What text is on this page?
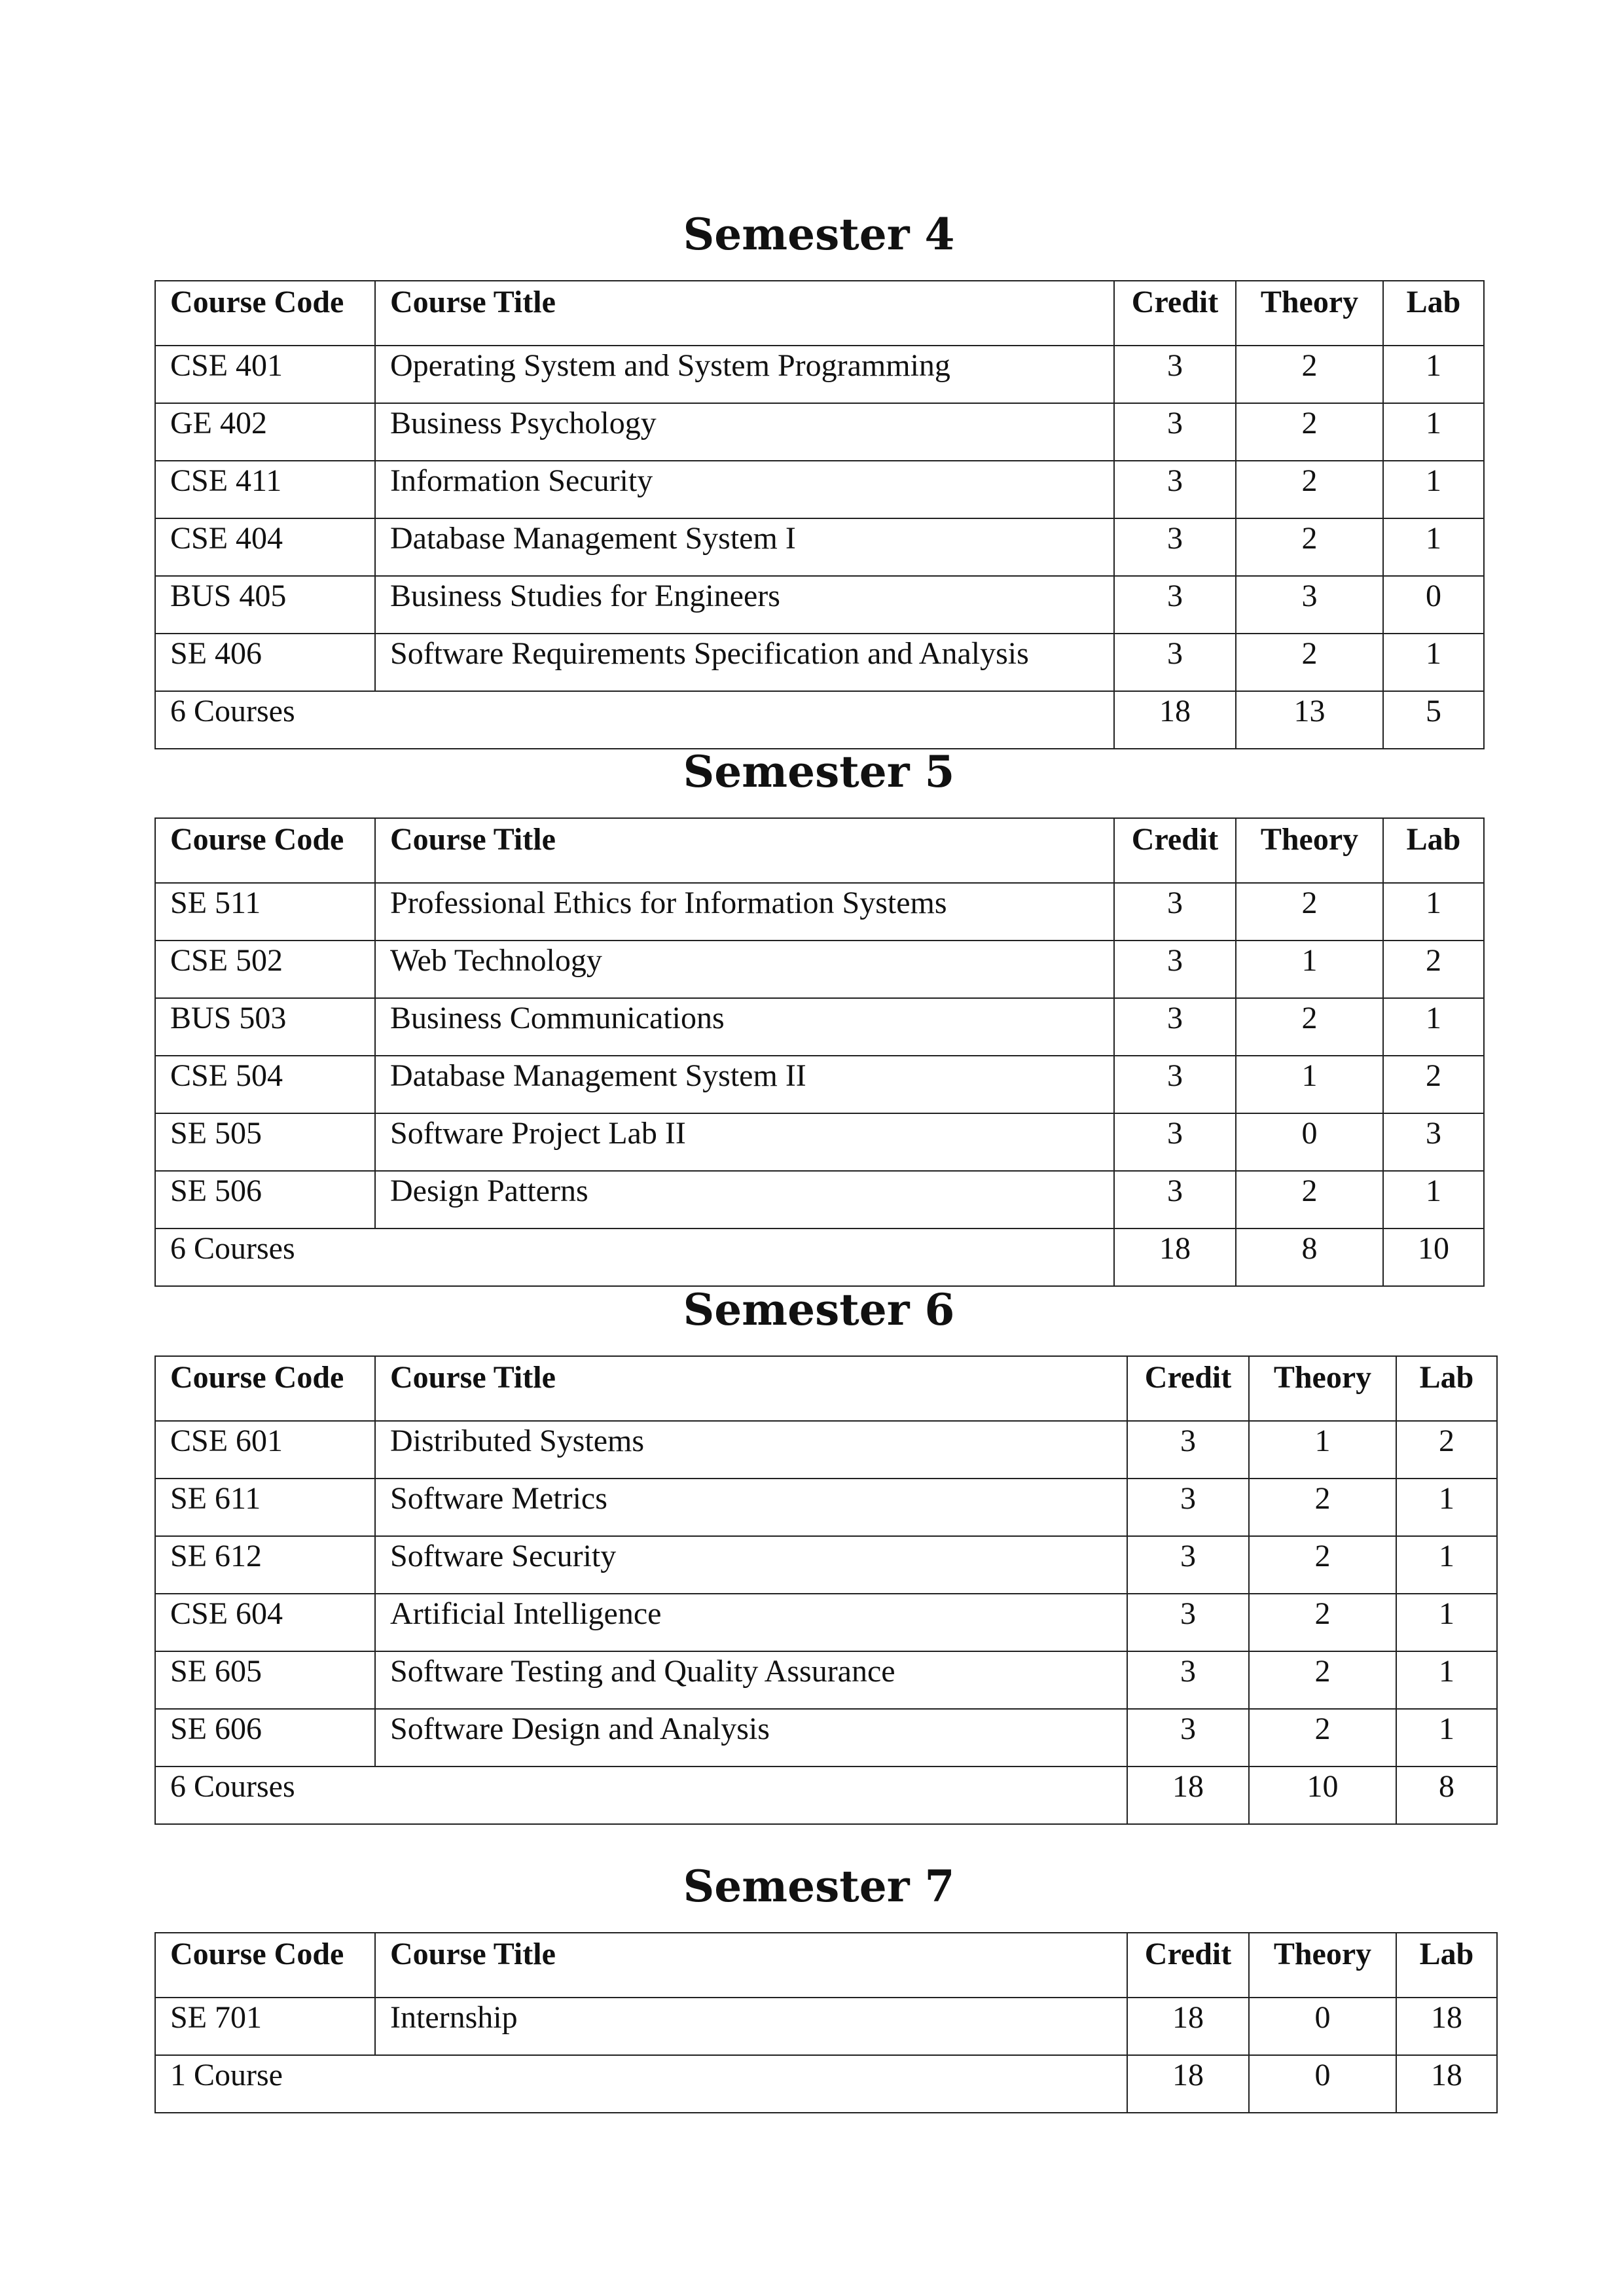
Semester 4
Course Code	Course Title	Credit	Theory	Lab
CSE 401	Operating System and System Programming	3	2	1
GE 402	Business Psychology	3	2	1
CSE 411	Information Security	3	2	1
CSE 404	Database Management System I	3	2	1
BUS 405	Business Studies for Engineers	3	3	0
SE 406	Software Requirements Specification and Analysis	3	2	1
6 Courses		18	13	5
Semester 5
Course Code	Course Title	Credit	Theory	Lab
SE 511	Professional Ethics for Information Systems	3	2	1
CSE 502	Web Technology	3	1	2
BUS 503	Business Communications	3	2	1
CSE 504	Database Management System II	3	1	2
SE 505	Software Project Lab II	3	0	3
SE 506	Design Patterns	3	2	1
6 Courses		18	8	10
Semester 6
Course Code	Course Title	Credit	Theory	Lab
CSE 601	Distributed Systems	3	1	2
SE 611	Software Metrics	3	2	1
SE 612	Software Security	3	2	1
CSE 604	Artificial Intelligence	3	2	1
SE 605	Software Testing and Quality Assurance	3	2	1
SE 606	Software Design and Analysis	3	2	1
6 Courses		18	10	8
Semester 7
Course Code	Course Title	Credit	Theory	Lab
SE 701	Internship	18	0	18
1 Course		18	0	18
